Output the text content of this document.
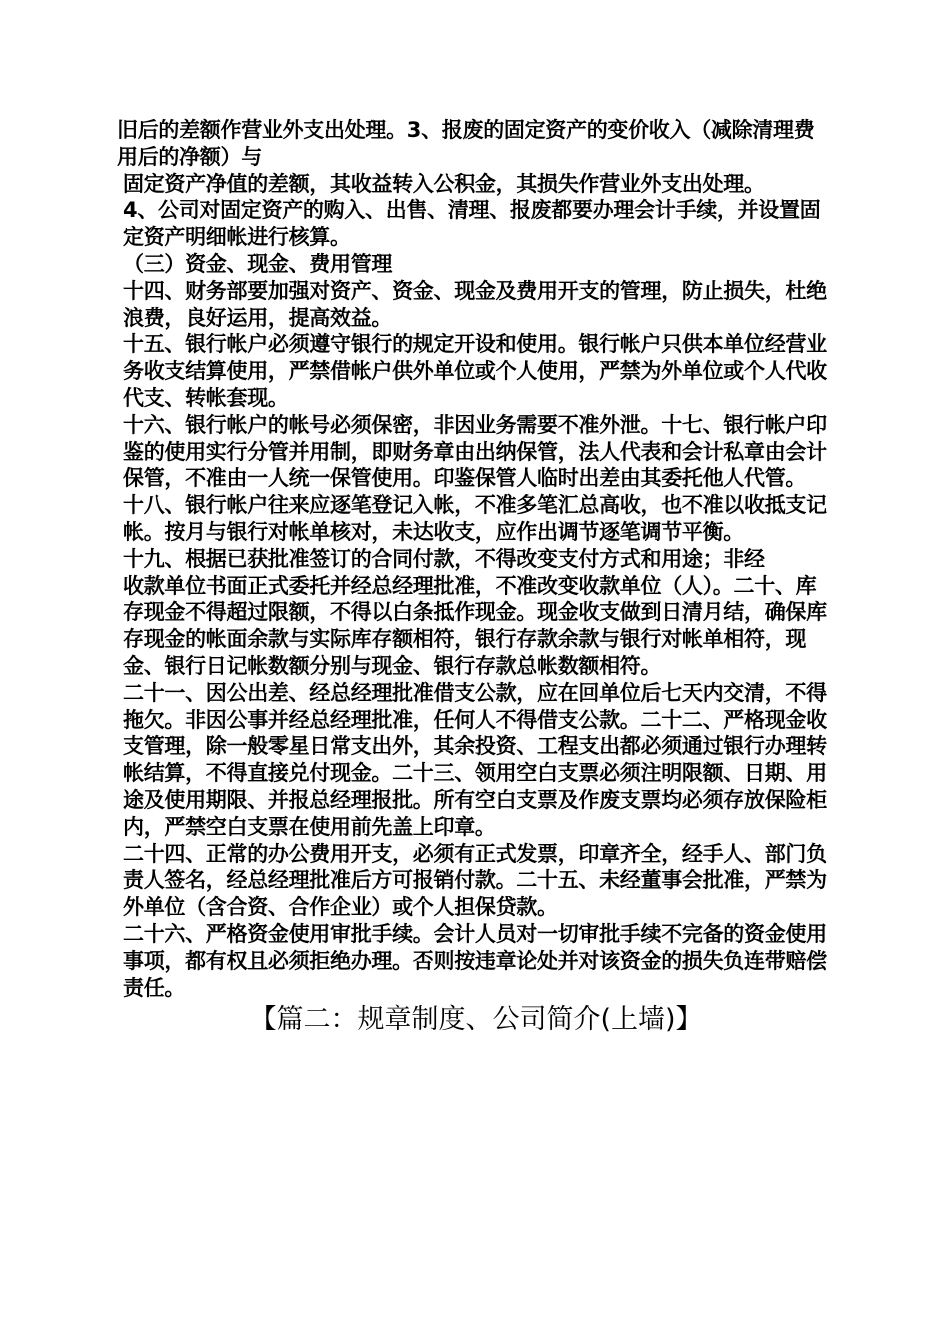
旧后的差额作营业外支出处理。3、报废的固定资产的变价收入（减除清理费用后的净额）与

固定资产净值的差额，其收益转入公积金，其损失作营业外支出处理。

4、公司对固定资产的购入、出售、清理、报废都要办理会计手续，并设置固定资产明细帐进行核算。

（三）资金、现金、费用管理

十四、财务部要加强对资产、资金、现金及费用开支的管理，防止损失，杜绝浪费，良好运用，提高效益。

十五、银行帐户必须遵守银行的规定开设和使用。银行帐户只供本单位经营业务收支结算使用，严禁借帐户供外单位或个人使用，严禁为外单位或个人代收代支、转帐套现。

十六、银行帐户的帐号必须保密，非因业务需要不准外泄。十七、银行帐户印鉴的使用实行分管并用制，即财务章由出纳保管，法人代表和会计私章由会计保管，不准由一人统一保管使用。印鉴保管人临时出差由其委托他人代管。

十八、银行帐户往来应逐笔登记入帐，不准多笔汇总高收，也不准以收抵支记帐。按月与银行对帐单核对，未达收支，应作出调节逐笔调节平衡。

十九、根据已获批准签订的合同付款，不得改变支付方式和用途；非经

收款单位书面正式委托并经总经理批准，不准改变收款单位（人）。二十、库存现金不得超过限额，不得以白条抵作现金。现金收支做到日清月结，确保库存现金的帐面余款与实际库存额相符，银行存款余款与银行对帐单相符，现金、银行日记帐数额分别与现金、银行存款总帐数额相符。

二十一、因公出差、经总经理批准借支公款，应在回单位后七天内交清，不得拖欠。非因公事并经总经理批准，任何人不得借支公款。二十二、严格现金收支管理，除一般零星日常支出外，其余投资、工程支出都必须通过银行办理转帐结算，不得直接兑付现金。二十三、领用空白支票必须注明限额、日期、用途及使用期限、并报总经理报批。所有空白支票及作废支票均必须存放保险柜内，严禁空白支票在使用前先盖上印章。

二十四、正常的办公费用开支，必须有正式发票，印章齐全，经手人、部门负责人签名，经总经理批准后方可报销付款。二十五、未经董事会批准，严禁为外单位（含合资、合作企业）或个人担保贷款。

二十六、严格资金使用审批手续。会计人员对一切审批手续不完备的资金使用事项，都有权且必须拒绝办理。否则按违章论处并对该资金的损失负连带赔偿责任。

【篇二：规章制度、公司简介(上墙)】
